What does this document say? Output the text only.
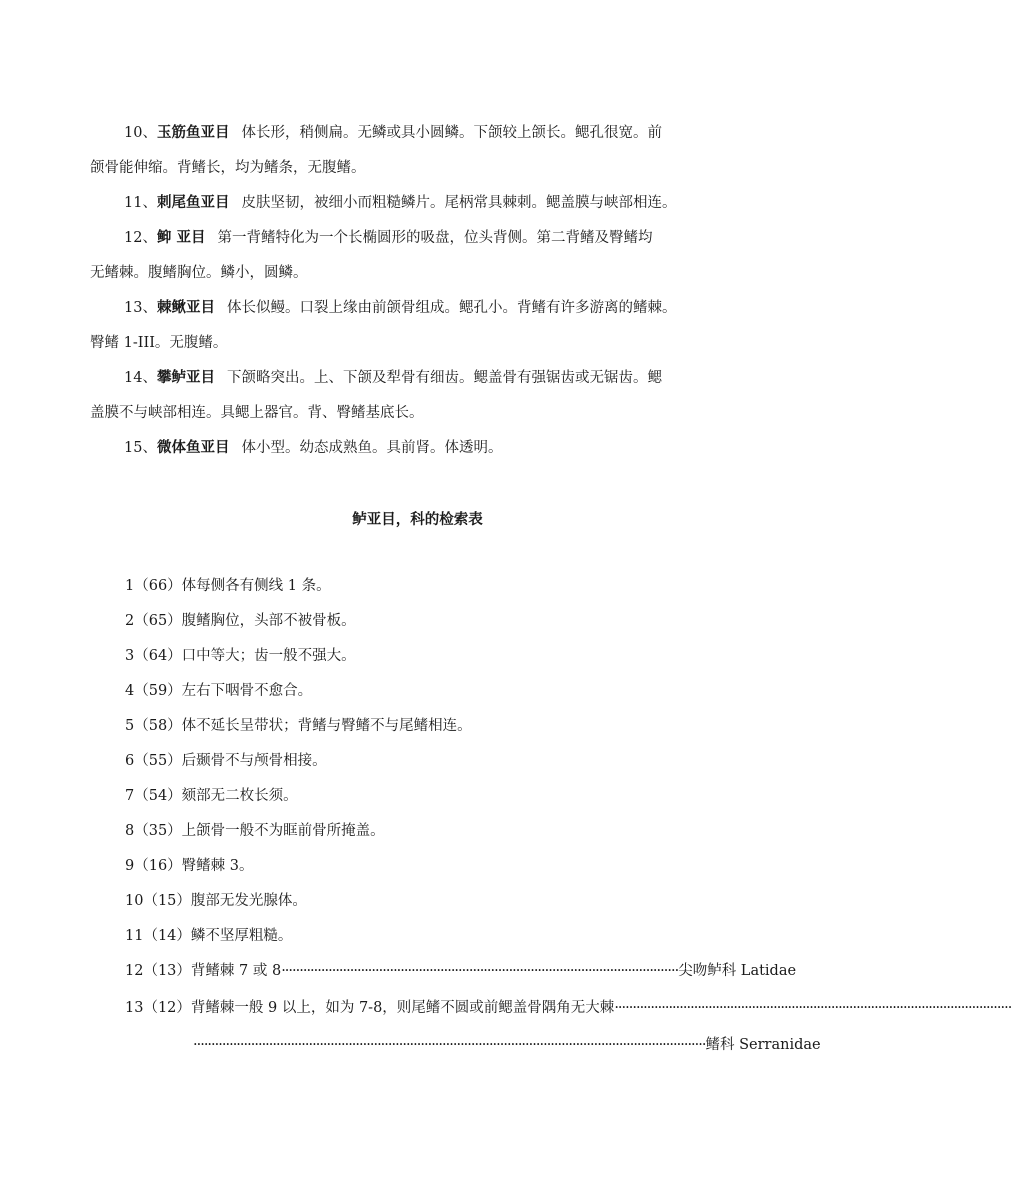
10、玉筋鱼亚目 体长形，稍侧扁。无鳞或具小圆鳞。下颌较上颌长。鳃孔很宽。前
颌骨能伸缩。背鳍长，均为鳍条，无腹鳍。
11、刺尾鱼亚目 皮肤坚韧，被细小而粗糙鳞片。尾柄常具棘刺。鳃盖膜与峡部相连。
12、䲟 亚目 第一背鳍特化为一个长椭圆形的吸盘，位头背侧。第二背鳍及臀鳍均
无鳍棘。腹鳍胸位。鳞小，圆鳞。
13、棘鳅亚目 体长似鳗。口裂上缘由前颌骨组成。鳃孔小。背鳍有许多游离的鳍棘。
臀鳍 1-III。无腹鳍。
14、攀鲈亚目 下颌略突出。上、下颌及犁骨有细齿。鳃盖骨有强锯齿或无锯齿。鳃
盖膜不与峡部相连。具鳃上器官。背、臀鳍基底长。
15、微体鱼亚目 体小型。幼态成熟鱼。具前肾。体透明。
鲈亚目，科的检索表

1（66）体每侧各有侧线 1 条。

2（65）腹鳍胸位，头部不被骨板。

3（64）口中等大；齿一般不强大。

4（59）左右下咽骨不愈合。

5（58）体不延长呈带状；背鳍与臀鳍不与尾鳍相连。

6（55）后颞骨不与颅骨相接。

7（54）颏部无二枚长须。

8（35）上颌骨一般不为眶前骨所掩盖。

9（16）臀鳍棘 3。

10（15）腹部无发光腺体。

11（14）鳞不坚厚粗糙。

12（13）背鳍棘 7 或 8 ·············································································································· 尖吻鲈科 Latidae
13（12）背鳍棘一般 9 以上，如为 7-8，则尾鳍不圆或前鳃盖骨隅角无大棘 ··············································································································
·············································································································································· 鳍科 Serranidae
